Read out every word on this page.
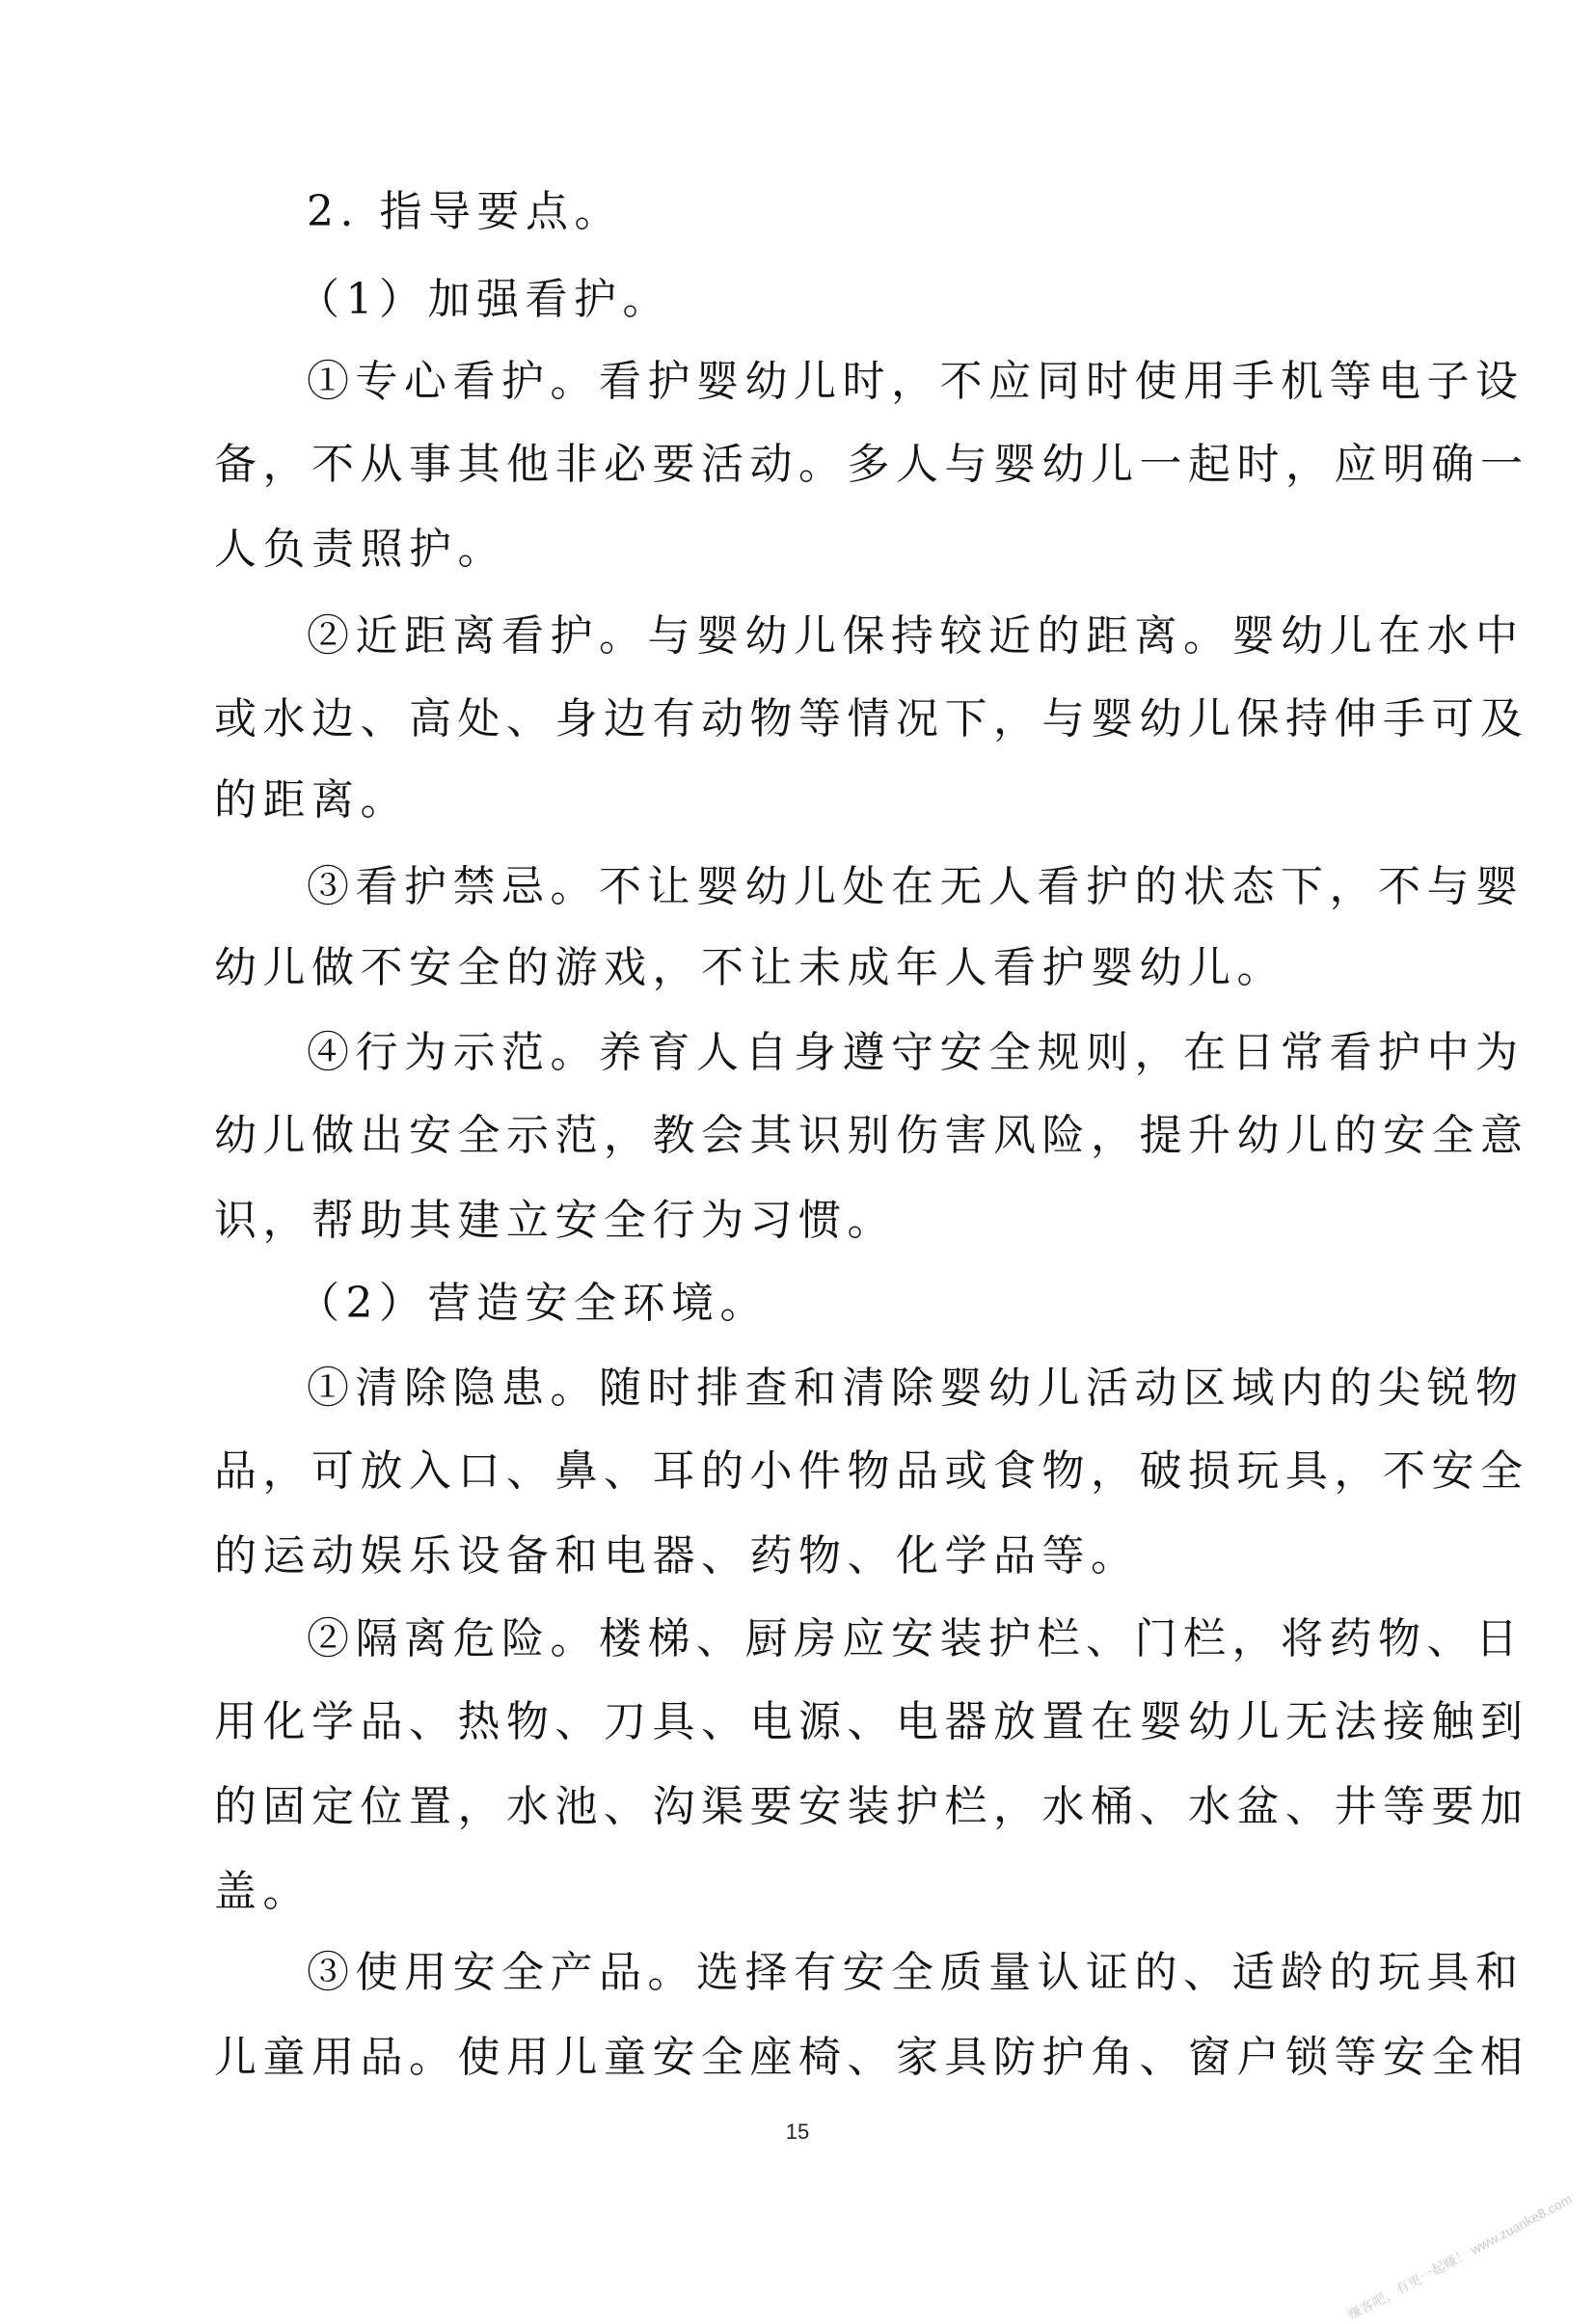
2. 指导要点。
（1）加强看护。
①专心看护。看护婴幼儿时，不应同时使用手机等电子设
备，不从事其他非必要活动。多人与婴幼儿一起时，应明确一
人负责照护。
②近距离看护。与婴幼儿保持较近的距离。婴幼儿在水中
或水边、高处、身边有动物等情况下，与婴幼儿保持伸手可及
的距离。
③看护禁忌。不让婴幼儿处在无人看护的状态下，不与婴
幼儿做不安全的游戏，不让未成年人看护婴幼儿。
④行为示范。养育人自身遵守安全规则，在日常看护中为
幼儿做出安全示范，教会其识别伤害风险，提升幼儿的安全意
识，帮助其建立安全行为习惯。
（2）营造安全环境。
①清除隐患。随时排查和清除婴幼儿活动区域内的尖锐物
品，可放入口、鼻、耳的小件物品或食物，破损玩具，不安全
的运动娱乐设备和电器、药物、化学品等。
②隔离危险。楼梯、厨房应安装护栏、门栏，将药物、日
用化学品、热物、刀具、电源、电器放置在婴幼儿无法接触到
的固定位置，水池、沟渠要安装护栏，水桶、水盆、井等要加
盖。
③使用安全产品。选择有安全质量认证的、适龄的玩具和
儿童用品。使用儿童安全座椅、家具防护角、窗户锁等安全相
15
赚客吧，有更一起赚！ www.zuanke8.com
